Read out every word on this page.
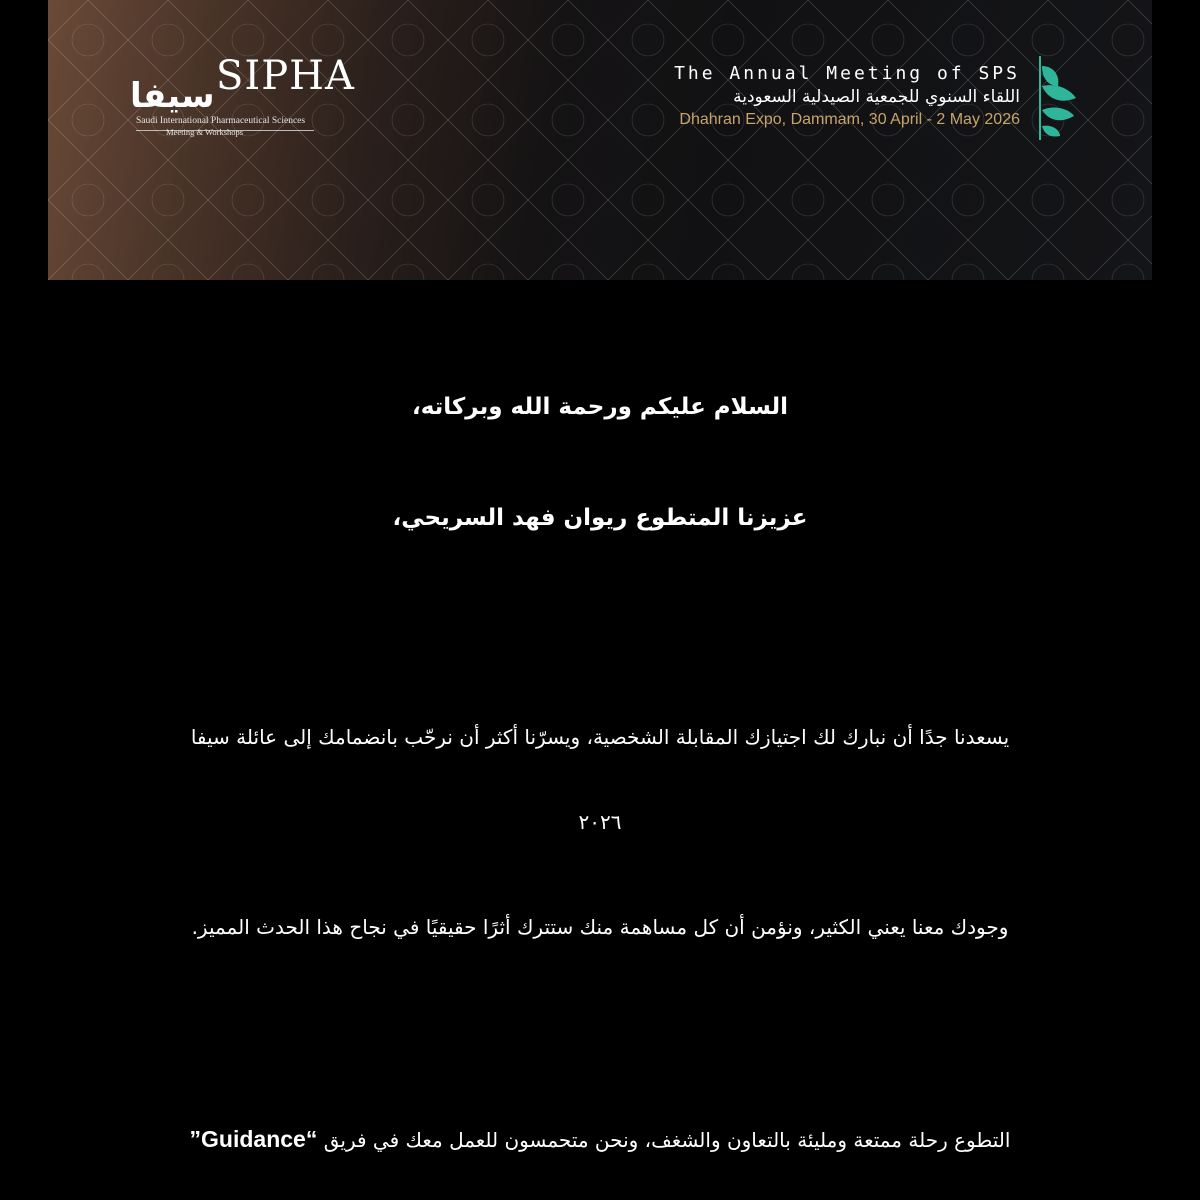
سيفا SIPHA
Saudi International Pharmaceutical Sciences
Meeting & Workshops
The Annual Meeting of SPS
اللقاء السنوي للجمعية الصيدلية السعودية
Dhahran Expo, Dammam, 30 April - 2 May 2026
السلام عليكم ورحمة الله وبركاته،
عزيزنا المتطوع ريوان فهد السريحي،
يسعدنا جدًا أن نبارك لك اجتيازك المقابلة الشخصية، ويسرّنا أكثر أن نرحّب بانضمامك إلى عائلة سيفا
٢٠٢٦
وجودك معنا يعني الكثير، ونؤمن أن كل مساهمة منك ستترك أثرًا حقيقيًا في نجاح هذا الحدث المميز.
التطوع رحلة ممتعة ومليئة بالتعاون والشغف، ونحن متحمسون للعمل معك في فريق “Guidance”
